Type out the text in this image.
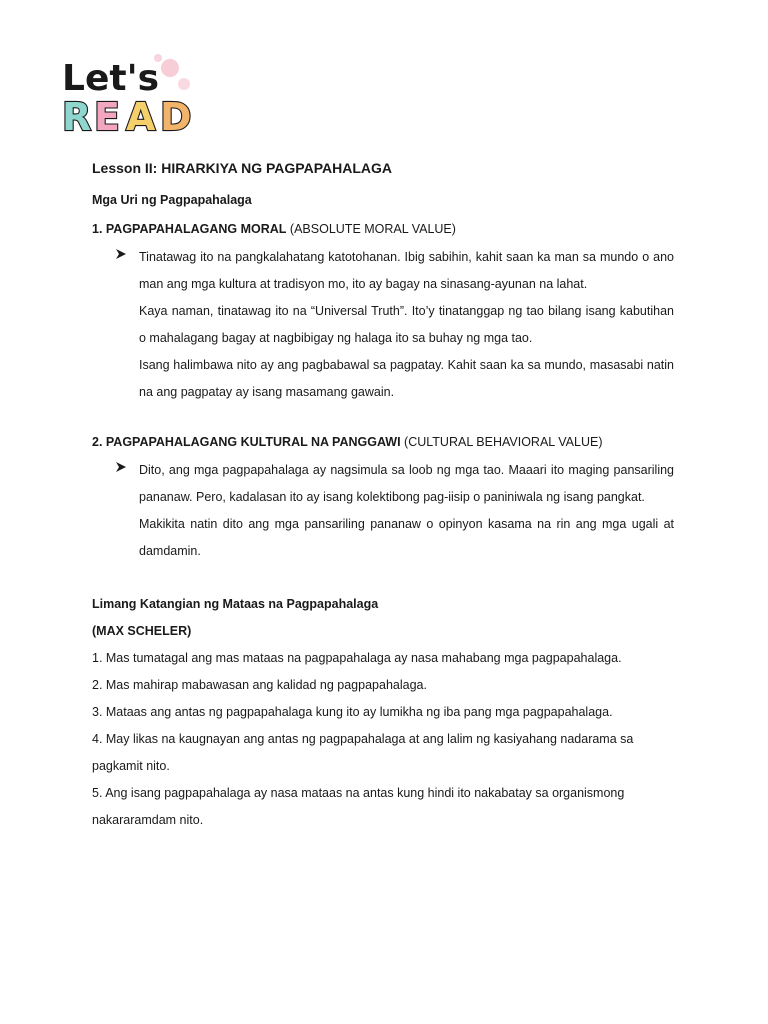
Let's
R E A D
Lesson II: HIRARKIYA NG PAGPAPAHALAGA
Mga Uri ng Pagpapahalaga
1. PAGPAPAHALAGANG MORAL (ABSOLUTE MORAL VALUE)

Tinatawag ito na pangkalahatang katotohanan. Ibig sabihin, kahit saan ka man sa mundo o ano man ang mga kultura at tradisyon mo, ito ay bagay na sinasang-ayunan na lahat.

Kaya naman, tinatawag ito na “Universal Truth”. Ito’y tinatanggap ng tao bilang isang kabutihan o mahalagang bagay at nagbibigay ng halaga ito sa buhay ng mga tao.

Isang halimbawa nito ay ang pagbabawal sa pagpatay. Kahit saan ka sa mundo, masasabi natin na ang pagpatay ay isang masamang gawain.

2. PAGPAPAHALAGANG KULTURAL NA PANGGAWI (CULTURAL BEHAVIORAL VALUE)

Dito, ang mga pagpapahalaga ay nagsimula sa loob ng mga tao. Maaari ito maging pansariling pananaw. Pero, kadalasan ito ay isang kolektibong pag-iisip o paniniwala ng isang pangkat.

Makikita natin dito ang mga pansariling pananaw o opinyon kasama na rin ang mga ugali at damdamin.

Limang Katangian ng Mataas na Pagpapahalaga

(MAX SCHELER)

1. Mas tumatagal ang mas mataas na pagpapahalaga ay nasa mahabang mga pagpapahalaga.

2. Mas mahirap mabawasan ang kalidad ng pagpapahalaga.

3. Mataas ang antas ng pagpapahalaga kung ito ay lumikha ng iba pang mga pagpapahalaga.

4. May likas na kaugnayan ang antas ng pagpapahalaga at ang lalim ng kasiyahang nadarama sa pagkamit nito.

5. Ang isang pagpapahalaga ay nasa mataas na antas kung hindi ito nakabatay sa organismong nakararamdam nito.
